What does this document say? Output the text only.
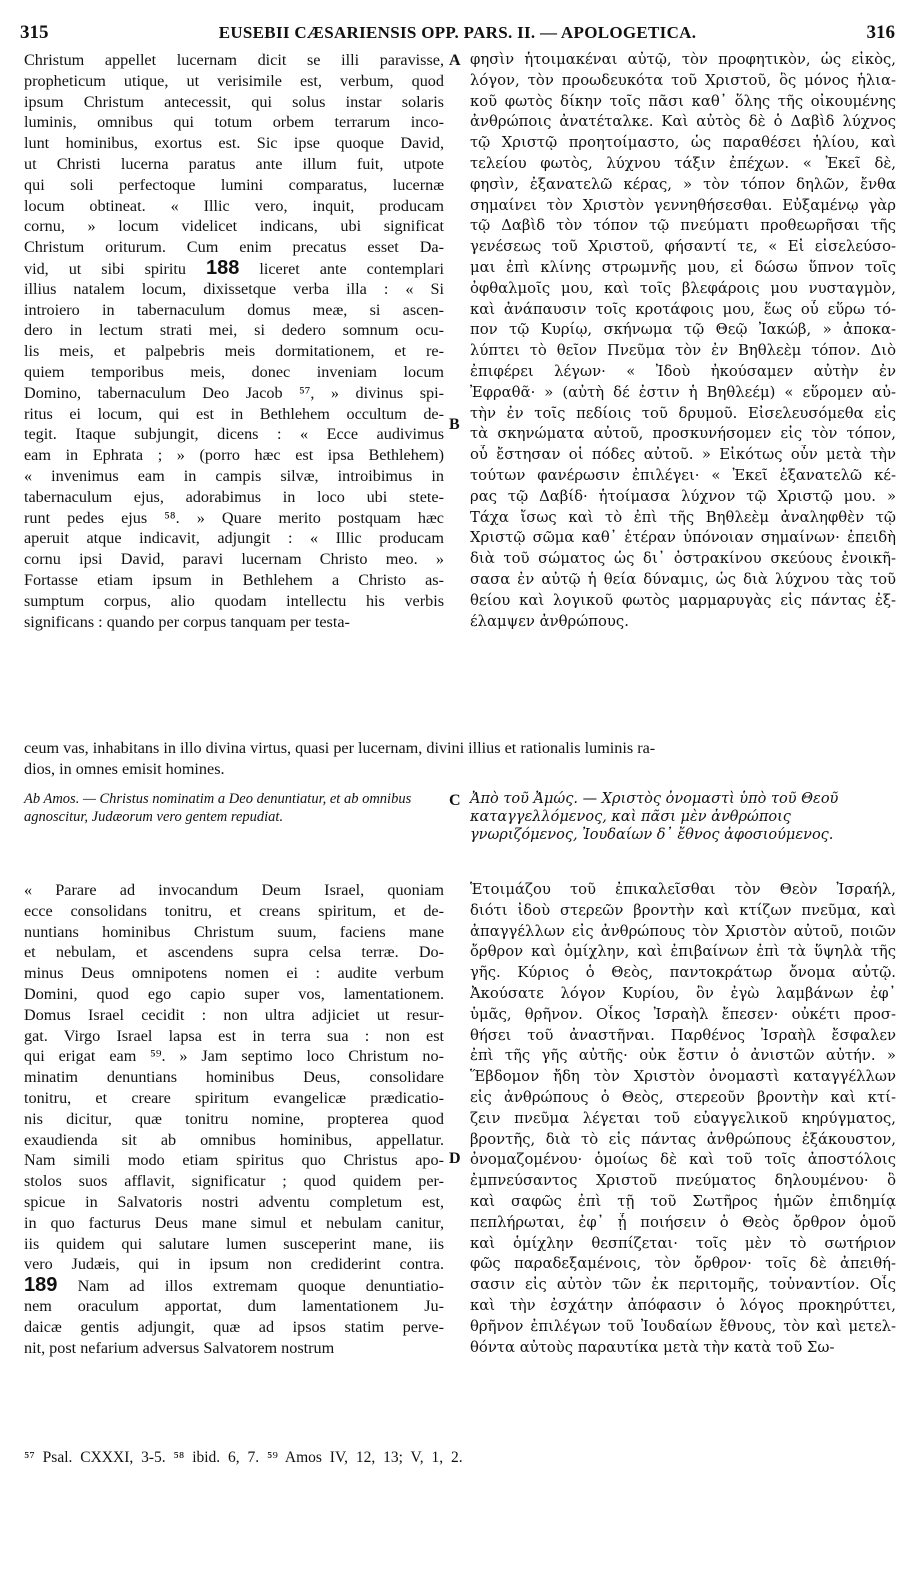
315	EUSEBII CÆSARIENSIS OPP. PARS. II. — APOLOGETICA.	316
Christum appellet lucernam dicit se illi paravisse,
propheticum utique, ut verisimile est, verbum, quod
ipsum Christum antecessit, qui solus instar solaris
luminis, omnibus qui totum orbem terrarum inco-
lunt hominibus, exortus est. Sic ipse quoque David,
ut Christi lucerna paratus ante illum fuit, utpote
qui soli perfectoque lumini comparatus, lucernæ
locum obtineat. « Illic vero, inquit, producam
cornu, » locum videlicet indicans, ubi significat
Christum oriturum. Cum enim precatus esset Da-
vid, ut sibi spiritu 188 liceret ante contemplari
illius natalem locum, dixissetque verba illa : « Si
introiero in tabernaculum domus meæ, si ascen-
dero in lectum strati mei, si dedero somnum ocu-
lis meis, et palpebris meis dormitationem, et re-
quiem temporibus meis, donec inveniam locum
Domino, tabernaculum Deo Jacob ⁵⁷, » divinus spi-
ritus ei locum, qui est in Bethlehem occultum de-
tegit. Itaque subjungit, dicens : « Ecce audivimus
eam in Ephrata ; » (porro hæc est ipsa Bethlehem)
« invenimus eam in campis silvæ, introibimus in
tabernaculum ejus, adorabimus in loco ubi stete-
runt pedes ejus ⁵⁸. » Quare merito postquam hæc
aperuit atque indicavit, adjungit : « Illic producam
cornu ipsi David, paravi lucernam Christo meo. »
Fortasse etiam ipsum in Bethlehem a Christo as-
sumptum corpus, alio quodam intellectu his verbis
significans : quando per corpus tanquam per testa-
φησὶν ἡτοιμακέναι αὐτῷ, τὸν προφητικὸν, ὡς εἰκὸς,
λόγον, τὸν προωδευκότα τοῦ Χριστοῦ, ὃς μόνος ἡλια-
κοῦ φωτὸς δίκην τοῖς πᾶσι καθ᾽ ὅλης τῆς οἰκουμένης
ἀνθρώποις ἀνατέταλκε. Καὶ αὐτὸς δὲ ὁ Δαβὶδ λύχνος
τῷ Χριστῷ προητοίμαστο, ὡς παραθέσει ἡλίου, καὶ
τελείου φωτὸς, λύχνου τάξιν ἐπέχων. « Ἐκεῖ δὲ,
φησὶν, ἐξανατελῶ κέρας, » τὸν τόπον δηλῶν, ἔνθα
σημαίνει τὸν Χριστὸν γεννηθήσεσθαι. Εὐξαμένῳ γὰρ
τῷ Δαβὶδ τὸν τόπον τῷ πνεύματι προθεωρῆσαι τῆς
γενέσεως τοῦ Χριστοῦ, φήσαντί τε, « Εἰ εἰσελεύσο-
μαι ἐπὶ κλίνης στρωμνῆς μου, εἰ δώσω ὕπνον τοῖς
ὀφθαλμοῖς μου, καὶ τοῖς βλεφάροις μου νυσταγμὸν,
καὶ ἀνάπαυσιν τοῖς κροτάφοις μου, ἕως οὗ εὕρω τό-
πον τῷ Κυρίῳ, σκήνωμα τῷ Θεῷ Ἰακώβ, » ἀποκα-
λύπτει τὸ θεῖον Πνεῦμα τὸν ἐν Βηθλεὲμ τόπον. Διὸ
ἐπιφέρει λέγων· « Ἰδοὺ ἠκούσαμεν αὐτὴν ἐν
Ἐφραθᾶ· » (αὐτὴ δέ ἐστιν ἡ Βηθλεέμ) « εὕρομεν αὐ-
τὴν ἐν τοῖς πεδίοις τοῦ δρυμοῦ. Εἰσελευσόμεθα εἰς
τὰ σκηνώματα αὐτοῦ, προσκυνήσομεν εἰς τὸν τόπον,
οὗ ἔστησαν οἱ πόδες αὐτοῦ. » Εἰκότως οὖν μετὰ τὴν
τούτων φανέρωσιν ἐπιλέγει· « Ἐκεῖ ἐξανατελῶ κέ-
ρας τῷ Δαβίδ· ἡτοίμασα λύχνον τῷ Χριστῷ μου. »
Τάχα ἴσως καὶ τὸ ἐπὶ τῆς Βηθλεὲμ ἀναληφθὲν τῷ
Χριστῷ σῶμα καθ᾽ ἑτέραν ὑπόνοιαν σημαίνων· ἐπειδὴ
διὰ τοῦ σώματος ὡς δι᾽ ὀστρακίνου σκεύους ἐνοικῆ-
σασα ἐν αὐτῷ ἡ θεία δύναμις, ὡς διὰ λύχνου τὰς τοῦ
θείου καὶ λογικοῦ φωτὸς μαρμαρυγὰς εἰς πάντας ἐξ-
έλαμψεν ἀνθρώπους.
A
B
ceum vas, inhabitans in illo divina virtus, quasi per lucernam, divini illius et rationalis luminis ra-
dios, in omnes emisit homines.
Ab Amos. — Christus nominatim a Deo denuntiatur, et ab omnibus agnoscitur, Judæorum vero gentem repudiat.
C Ἀπὸ τοῦ Ἀμώς. — Χριστὸς ὀνομαστὶ ὑπὸ τοῦ Θεοῦ καταγγελλόμενος, καὶ πᾶσι μὲν ἀνθρώποις γνωριζόμενος, Ἰουδαίων δ᾽ ἔθνος ἀφοσιούμενος.
« Parare ad invocandum Deum Israel, quoniam
ecce consolidans tonitru, et creans spiritum, et de-
nuntians hominibus Christum suum, faciens mane
et nebulam, et ascendens supra celsa terræ. Do-
minus Deus omnipotens nomen ei : audite verbum
Domini, quod ego capio super vos, lamentationem.
Domus Israel cecidit : non ultra adjiciet ut resur-
gat. Virgo Israel lapsa est in terra sua : non est
qui erigat eam ⁵⁹. » Jam septimo loco Christum no-
minatim denuntians hominibus Deus, consolidare
tonitru, et creare spiritum evangelicæ prædicatio-
nis dicitur, quæ tonitru nomine, propterea quod
exaudienda sit ab omnibus hominibus, appellatur.
Nam simili modo etiam spiritus quo Christus apo-
stolos suos afflavit, significatur ; quod quidem per-
spicue in Salvatoris nostri adventu completum est,
in quo facturus Deus mane simul et nebulam canitur,
iis quidem qui salutare lumen susceperint mane, iis
vero Judæis, qui in ipsum non crediderint contra.
189 Nam ad illos extremam quoque denuntiatio-
nem oraculum apportat, dum lamentationem Ju-
daicæ gentis adjungit, quæ ad ipsos statim perve-
nit, post nefarium adversus Salvatorem nostrum
Ἑτοιμάζου τοῦ ἐπικαλεῖσθαι τὸν Θεὸν Ἰσραήλ,
διότι ἰδοὺ στερεῶν βροντὴν καὶ κτίζων πνεῦμα, καὶ
ἀπαγγέλλων εἰς ἀνθρώπους τὸν Χριστὸν αὐτοῦ, ποιῶν
ὄρθρον καὶ ὁμίχλην, καὶ ἐπιβαίνων ἐπὶ τὰ ὕψηλὰ τῆς
γῆς. Κύριος ὁ Θεὸς, παντοκράτωρ ὄνομα αὐτῷ.
Ἀκούσατε λόγον Κυρίου, ὃν ἐγὼ λαμβάνων ἐφ᾽
ὑμᾶς, θρῆνον. Οἶκος Ἰσραὴλ ἔπεσεν· οὐκέτι προσ-
θήσει τοῦ ἀναστῆναι. Παρθένος Ἰσραὴλ ἔσφαλεν
ἐπὶ τῆς γῆς αὐτῆς· οὐκ ἔστιν ὁ ἀνιστῶν αὐτήν. »
Ἕβδομον ἤδη τὸν Χριστὸν ὀνομαστὶ καταγγέλλων
εἰς ἀνθρώπους ὁ Θεὸς, στερεοῦν βροντὴν καὶ κτί-
ζειν πνεῦμα λέγεται τοῦ εὐαγγελικοῦ κηρύγματος,
βροντῆς, διὰ τὸ εἰς πάντας ἀνθρώπους ἐξάκουστον,
ὀνομαζομένου· ὁμοίως δὲ καὶ τοῦ τοῖς ἀποστόλοις
ἐμπνεύσαντος Χριστοῦ πνεύματος δηλουμένου· ὃ
καὶ σαφῶς ἐπὶ τῇ τοῦ Σωτῆρος ἡμῶν ἐπιδημίᾳ
πεπλήρωται, ἐφ᾽ ᾗ ποιήσειν ὁ Θεὸς ὄρθρον ὁμοῦ
καὶ ὁμίχλην θεσπίζεται· τοῖς μὲν τὸ σωτήριον
φῶς παραδεξαμένοις, τὸν ὄρθρον· τοῖς δὲ ἀπειθή-
σασιν εἰς αὐτὸν τῶν ἐκ περιτομῆς, τοὐναντίον. Οἷς
καὶ τὴν ἐσχάτην ἀπόφασιν ὁ λόγος προκηρύττει,
θρῆνον ἐπιλέγων τοῦ Ἰουδαίων ἔθνους, τὸν καὶ μετελ-
θόντα αὐτοὺς παραυτίκα μετὰ τὴν κατὰ τοῦ Σω-
D
⁵⁷ Psal. CXXXI, 3-5. ⁵⁸ ibid. 6, 7. ⁵⁹ Amos IV, 12, 13; V, 1, 2.
